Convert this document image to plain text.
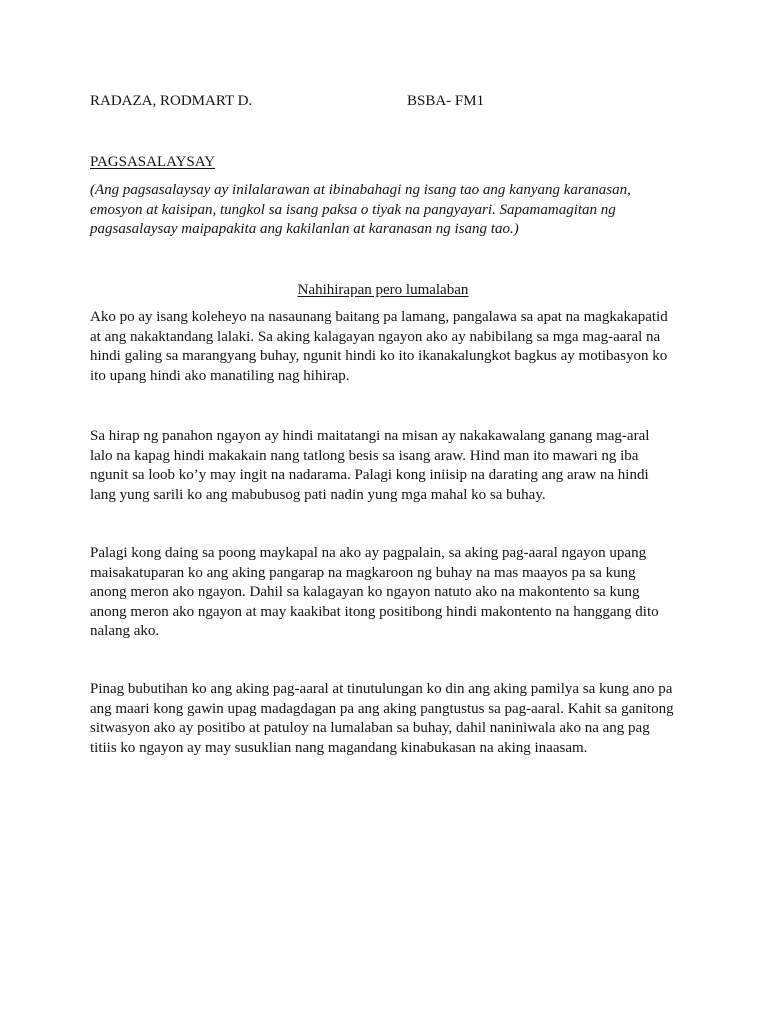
RADAZA, RODMART D.	BSBA- FM1
PAGSASALAYSAY

(Ang pagsasalaysay ay inilalarawan at ibinabahagi ng isang tao ang kanyang karanasan,
emosyon at kaisipan, tungkol sa isang paksa o tiyak na pangyayari. Sapamamagitan ng
pagsasalaysay maipapakita ang kakilanlan at karanasan ng isang tao.)

Nahihirapan pero lumalaban

Ako po ay isang koleheyo na nasaunang baitang pa lamang, pangalawa sa apat na magkakapatid
at ang nakaktandang lalaki. Sa aking kalagayan ngayon ako ay nabibilang sa mga mag-aaral na
hindi galing sa marangyang buhay, ngunit hindi ko ito ikanakalungkot bagkus ay motibasyon ko
ito upang hindi ako manatiling nag hihirap.

Sa hirap ng panahon ngayon ay hindi maitatangi na misan ay nakakawalang ganang mag-aral
lalo na kapag hindi makakain nang tatlong besis sa isang araw. Hind man ito mawari ng iba
ngunit sa loob ko’y may ingit na nadarama. Palagi kong iniisip na darating ang araw na hindi
lang yung sarili ko ang mabubusog pati nadin yung mga mahal ko sa buhay.

Palagi kong daing sa poong maykapal na ako ay pagpalain, sa aking pag-aaral ngayon upang
maisakatuparan ko ang aking pangarap na magkaroon ng buhay na mas maayos pa sa kung
anong meron ako ngayon. Dahil sa kalagayan ko ngayon natuto ako na makontento sa kung
anong meron ako ngayon at may kaakibat itong positibong hindi makontento na hanggang dito
nalang ako.

Pinag bubutihan ko ang aking pag-aaral at tinutulungan ko din ang aking pamilya sa kung ano pa
ang maari kong gawin upag madagdagan pa ang aking pangtustus sa pag-aaral. Kahit sa ganitong
sitwasyon ako ay positibo at patuloy na lumalaban sa buhay, dahil naniniwala ako na ang pag
titiis ko ngayon ay may susuklian nang magandang kinabukasan na aking inaasam.
